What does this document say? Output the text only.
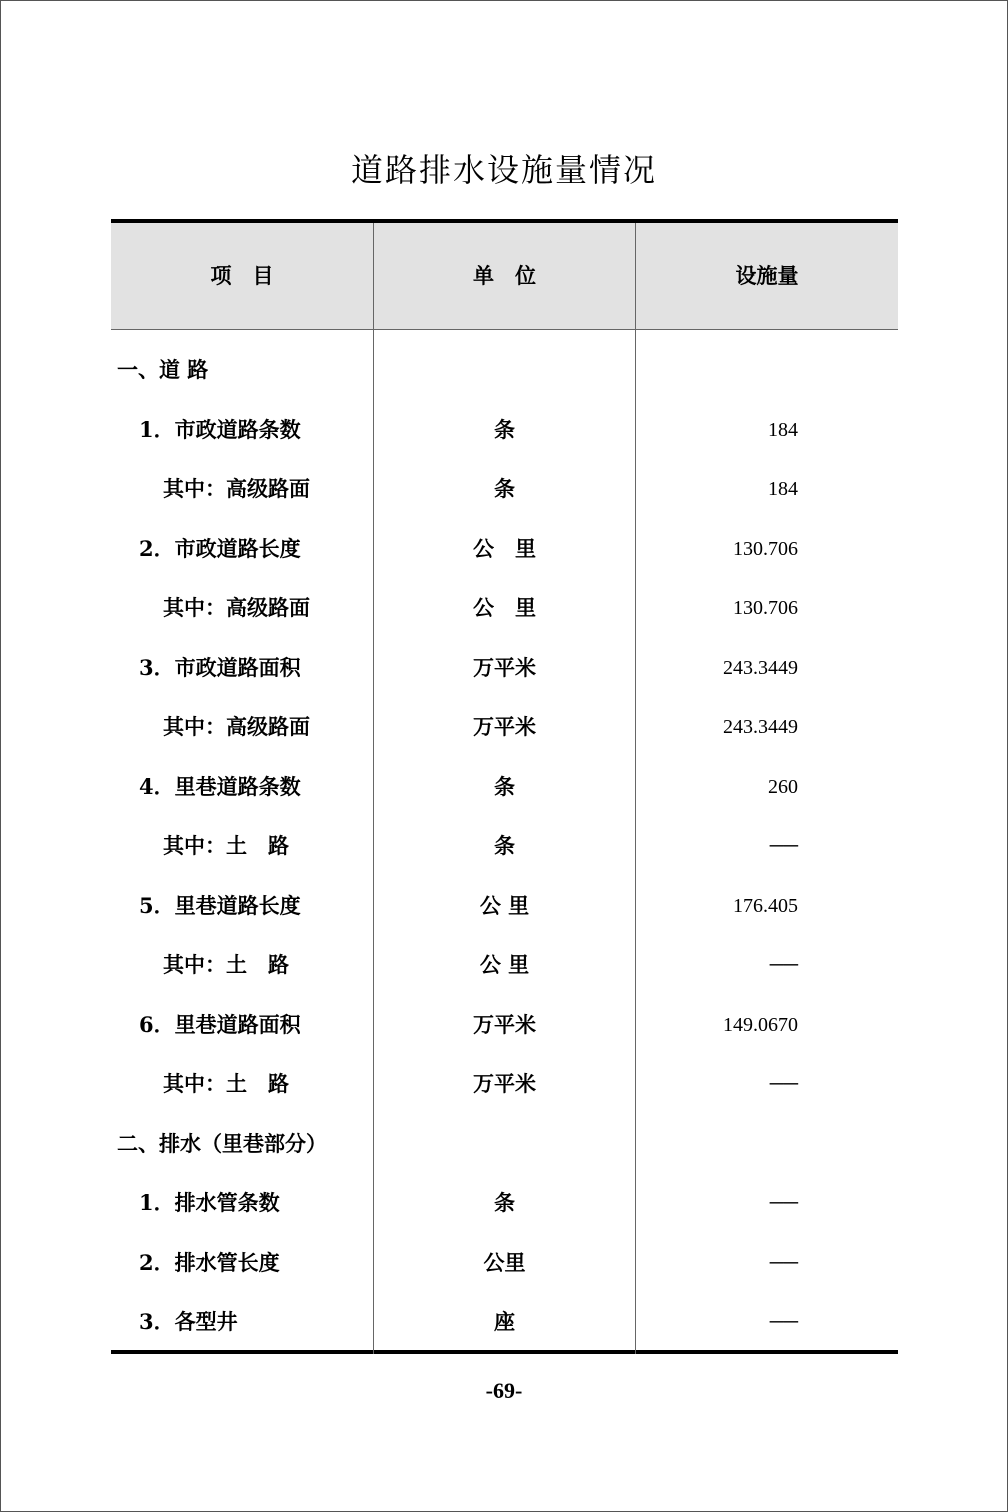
道路排水设施量情况
项　目	单　位	设施量
一、道 路
1．市政道路条数	条	184
其中：高级路面	条	184
2．市政道路长度	公　里	130.706
其中：高级路面	公　里	130.706
3．市政道路面积	万平米	243.3449
其中：高级路面	万平米	243.3449
4．里巷道路条数	条	260
其中：土　路	条	──
5．里巷道路长度	公 里	176.405
其中：土　路	公 里	──
6．里巷道路面积	万平米	149.0670
其中：土　路	万平米	──
二、排水（里巷部分）
1．排水管条数	条	──
2．排水管长度	公里	──
3．各型井	座	──
-69-
